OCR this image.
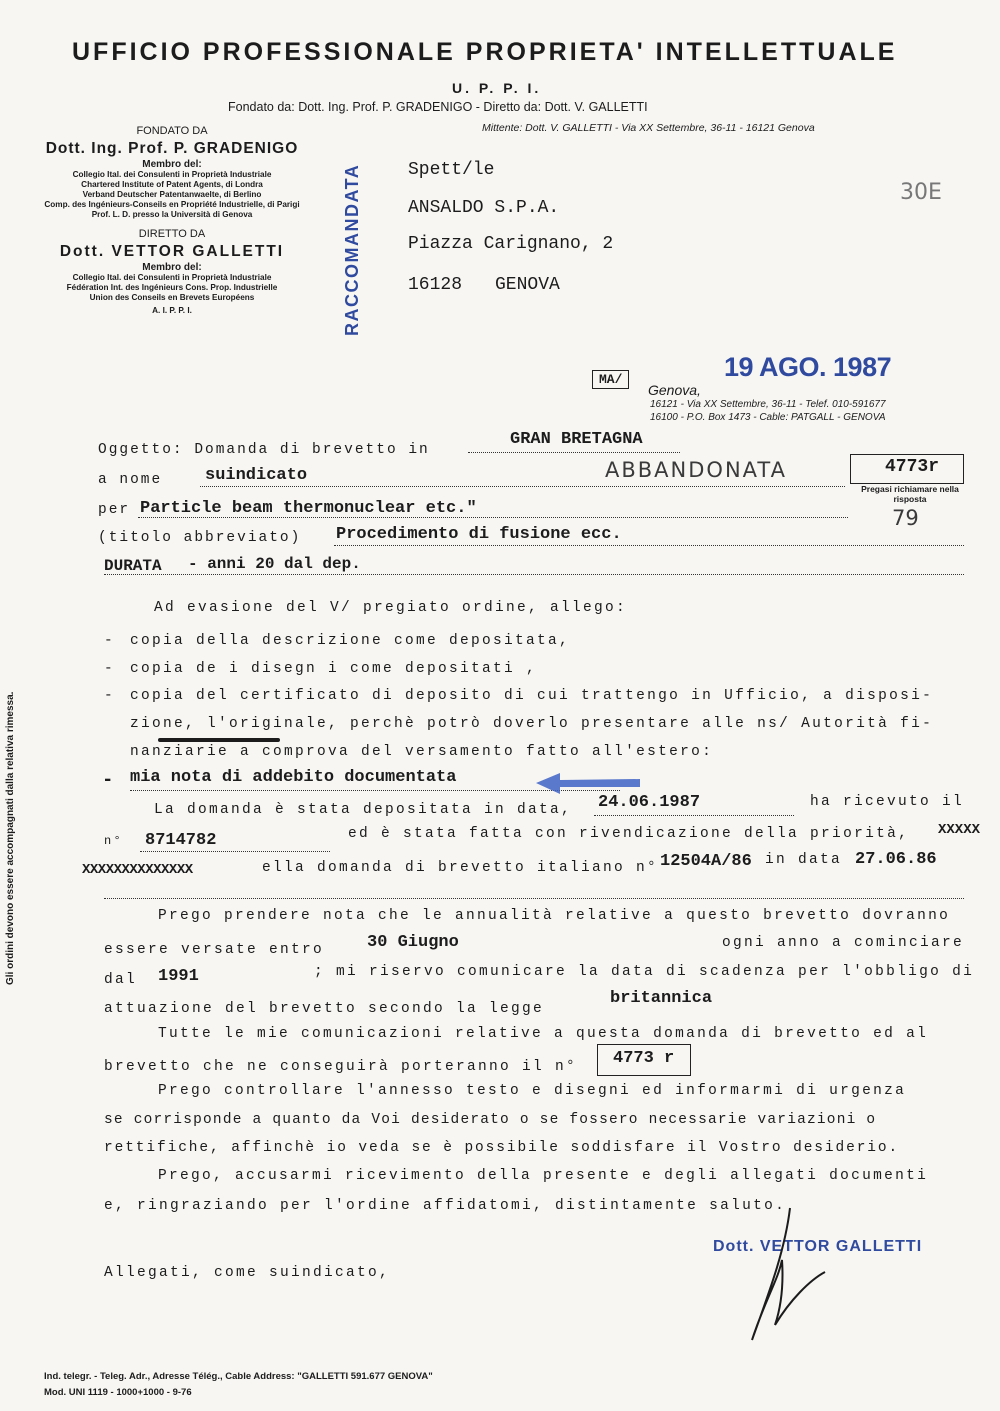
UFFICIO PROFESSIONALE PROPRIETA' INTELLETTUALE
U. P. P. I.
Fondato da: Dott. Ing. Prof. P. GRADENIGO - Diretto da: Dott. V. GALLETTI
Mittente: Dott. V. GALLETTI - Via XX Settembre, 36-11 - 16121 Genova
FONDATO DA
Dott. Ing. Prof. P. GRADENIGO
Membro del:
Collegio Ital. dei Consulenti in Proprietà Industriale
Chartered Institute of Patent Agents, di Londra
Verband Deutscher Patentanwaelte, di Berlino
Comp. des Ingénieurs-Conseils en Propriété Industrielle, di Parigi
Prof. L. D. presso la Università di Genova
DIRETTO DA
Dott. VETTOR GALLETTI
Membro del:
Collegio Ital. dei Consulenti in Proprietà Industriale
Fédération Int. des Ingénieurs Cons. Prop. Industrielle
Union des Conseils en Brevets Européens
A. I. P. P. I.	RACCOMANDATA	Spett/le
ANSALDO S.P.A.
Piazza Carignano, 2
16128 GENOVA
30E
MA/	19 AGO. 1987
Genova,
16121 - Via XX Settembre, 36-11 - Telef. 010-591677
16100 - P.O. Box 1473 - Cable: PATGALL - GENOVA
Oggetto: Domanda di brevetto in
GRAN BRETAGNA
a nome	suindicato	ABBANDONATA	4773r
Pregasi richiamare nella risposta
79
per Particle beam thermonuclear etc."
(titolo abbreviato) Procedimento di fusione ecc.
DURATA - anni 20 dal dep.
Ad evasione del V/ pregiato ordine, allego:
- copia della descrizione come depositata,
- copia de i disegn i come depositati ,
- copia del certificato di deposito di cui trattengo in Ufficio, a disposi-
zione, l'originale, perchè potrò doverlo presentare alle ns/ Autorità fi-
nanziarie a comprova del versamento fatto all'estero:
- mia nota di addebito documentata
La domanda è stata depositata in data, 24.06.1987	ha ricevuto il
n° 8714782	ed è stata fatta con rivendicazione della priorità, XXXXX
XXXXXXXXXXXXXX	ella domanda di brevetto italiano n° 12504A/86 in data 27.06.86
Prego prendere nota che le annualità relative a questo brevetto dovranno
essere versate entro	30 Giugno	ogni anno a cominciare
dal 1991	; mi riservo comunicare la data di scadenza per l'obbligo di
attuazione del brevetto secondo la legge
britannica
Tutte le mie comunicazioni relative a questa domanda di brevetto ed al
brevetto che ne conseguirà porteranno il n° 4773 r
Prego controllare l'annesso testo e disegni ed informarmi di urgenza
se corrisponde a quanto da Voi desiderato o se fossero necessarie variazioni o
rettifiche, affinchè io veda se è possibile soddisfare il Vostro desiderio.
Prego, accusarmi ricevimento della presente e degli allegati documenti
e, ringraziando per l'ordine affidatomi, distintamente saluto.
Allegati, come suindicato,
Dott. VETTOR GALLETTI
Gli ordini devono essere accompagnati dalla relativa rimessa.
Ind. telegr. - Teleg. Adr., Adresse Télég., Cable Address: "GALLETTI 591.677 GENOVA"
Mod. UNI 1119 - 1000+1000 - 9-76
